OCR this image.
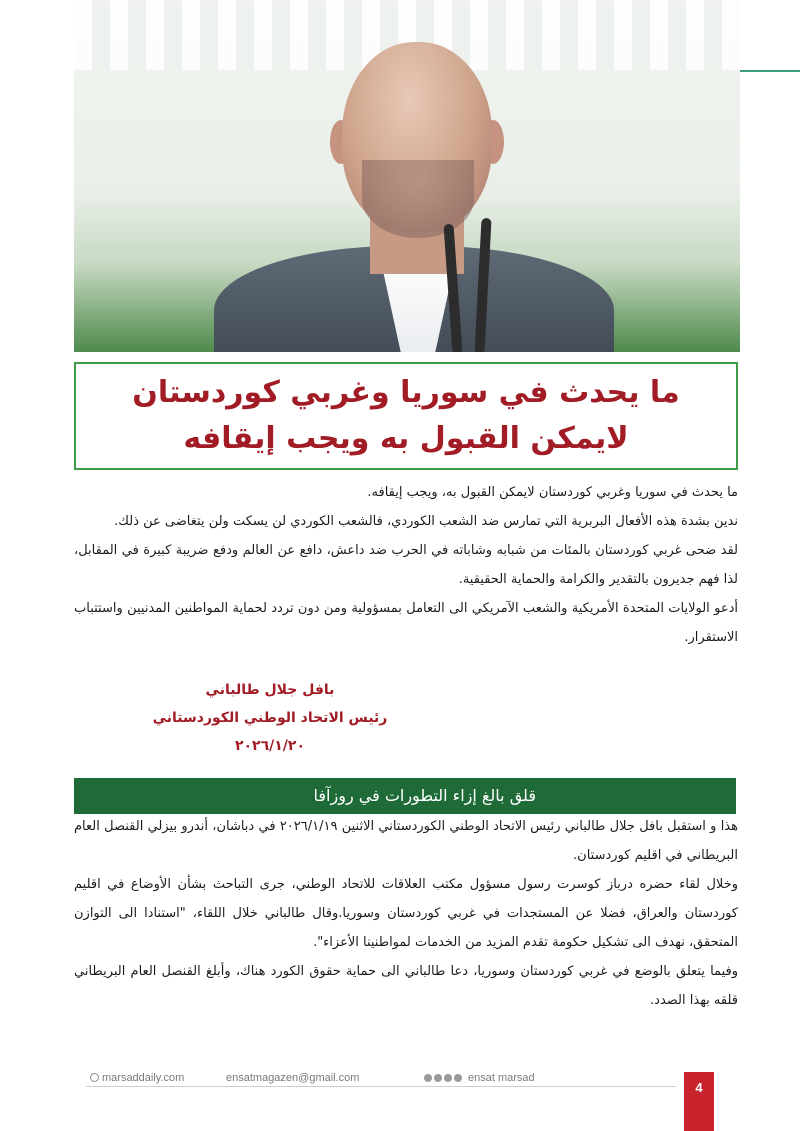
ما يحدث في سوريا وغربي كوردستان
لايمكن القبول به ويجب إيقافه

ما يحدث في سوريا وغربي كوردستان لايمكن القبول به، ويجب إيقافه.

ندين بشدة هذه الأفعال البربرية التي تمارس ضد الشعب الكوردي، فالشعب الكوردي لن يسكت ولن يتغاضى عن ذلك.

لقد ضحى غربي كوردستان بالمئات من شبابه وشاباته في الحرب ضد داعش، دافع عن العالم ودفع ضريبة كبيرة في المقابل، لذا فهم جديرون بالتقدير والكرامة والحماية الحقيقية.

أدعو الولايات المتحدة الأمريكية والشعب الآمريكي الى التعامل بمسؤولية ومن دون تردد لحماية المواطنين المدنيين واستتباب الاستقرار.

بافل جلال طالباني
رئيس الاتحاد الوطني الكوردستاني
٢٠٢٦/١/٢٠
قلق بالغ إزاء التطورات في روزآفا

هذا و استقبل بافل جلال طالباني رئيس الاتحاد الوطني الكوردستاني الاثنين ٢٠٢٦/١/١٩ في دباشان، أندرو بيزلي القنصل العام البريطاني في اقليم كوردستان.

وخلال لقاء حضره درباز كوسرت رسول مسؤول مكتب العلاقات للاتحاد الوطني، جرى التباحث بشأن الأوضاع في اقليم كوردستان والعراق، فضلا عن المستجدات في غربي كوردستان وسوريا.وقال طالباني خلال اللقاء، "استنادا الى التوازن المتحقق، نهدف الى تشكيل حكومة تقدم المزيد من الخدمات لمواطنينا الأعزاء".

وفيما يتعلق بالوضع في غربي كوردستان وسوريا، دعا طالباني الى حماية حقوق الكورد هناك، وأبلغ القنصل العام البريطاني قلقه بهذا الصدد.

marsaddaily.com	ensatmagazen@gmail.com	ensat marsad
4
